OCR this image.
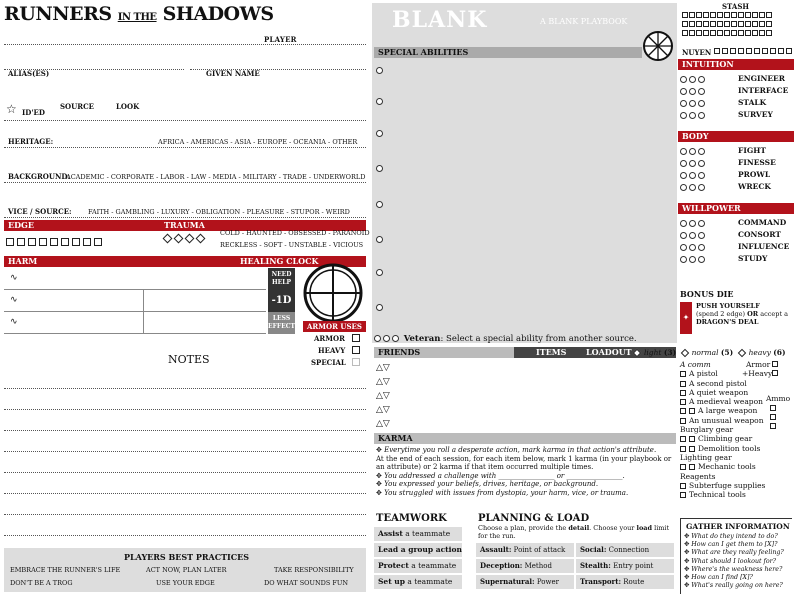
RUNNERS IN THE SHADOWS
PLAYER
ALIAS(ES)	GIVEN NAME
☆ ID'ED
SOURCE	LOOK
HERITAGE:	AFRICA - AMERICAS - ASIA - EUROPE - OCEANIA - OTHER
BACKGROUND:
ACADEMIC - CORPORATE - LABOR - LAW - MEDIA - MILITARY - TRADE - UNDERWORLD
VICE / SOURCE:	FAITH - GAMBLING - LUXURY - OBLIGATION - PLEASURE - STUPOR - WEIRD
EDGE	TRAUMA
COLD - HAUNTED - OBSESSED - PARANOID
RECKLESS - SOFT - UNSTABLE - VICIOUS
HARM	HEALING CLOCK
∿
∿
∿
NEED HELP
-1D
LESS EFFECT	ARMOR USES
ARMOR
HEAVY
SPECIAL
NOTES
PLAYERS BEST PRACTICES
EMBRACE THE RUNNER'S LIFE	ACT NOW, PLAN LATER	TAKE RESPONSIBILITY
DON'T BE A TROG	USE YOUR EDGE	DO WHAT SOUNDS FUN
BLANK	A BLANK PLAYBOOK
SPECIAL ABILITIES
Veteran: Select a special ability from another source.
FRIENDS	ITEMS LOADOUT	light (3) normal (5) heavy (6)
△▽
△▽
△▽
△▽
△▽
KARMA
✥ Everytime you roll a desperate action, mark karma in that action's attribute.
At the end of each session, for each item below, mark 1 karma (in your playbook or an attribute) or 2 karma if that item occurred multiple times.
✥ You addressed a challenge with ________________ or ________________.
✥ You expressed your beliefs, drives, heritage, or background.
✥ You struggled with issues from dystopia, your harm, vice, or trauma.
A comm
A pistol
A second pistol
A quiet weapon
A medieval weapon
A large weapon
An unusual weapon
Burglary gear
Climbing gear
Demolition tools
Lighting gear
Mechanic tools
Reagents
Subterfuge supplies
Technical tools
Armor
+Heavy
Ammo
STASH
NUYEN
INTUITION
ENGINEER
INTERFACE
STALK
SURVEY
BODY
FIGHT
FINESSE
PROWL
WRECK
WILLPOWER
COMMAND
CONSORT
INFLUENCE
STUDY
BONUS DIE
✦
PUSH YOURSELF
(spend 2 edge) OR accept a
DRAGON'S DEAL
TEAMWORK
Assist a teammate
Lead a group action
Protect a teammate
Set up a teammate
PLANNING & LOAD
Choose a plan, provide the detail. Choose your load limit for the run.
Assault: Point of attack	Social: Connection
Deception: Method	Stealth: Entry point
Supernatural: Power	Transport: Route
GATHER INFORMATION
✥ What do they intend to do?
✥ How can I get them to [X]?
✥ What are they really feeling?
✥ What should I lookout for?
✥ Where's the weakness here?
✥ How can I find [X]?
✥ What's really going on here?
